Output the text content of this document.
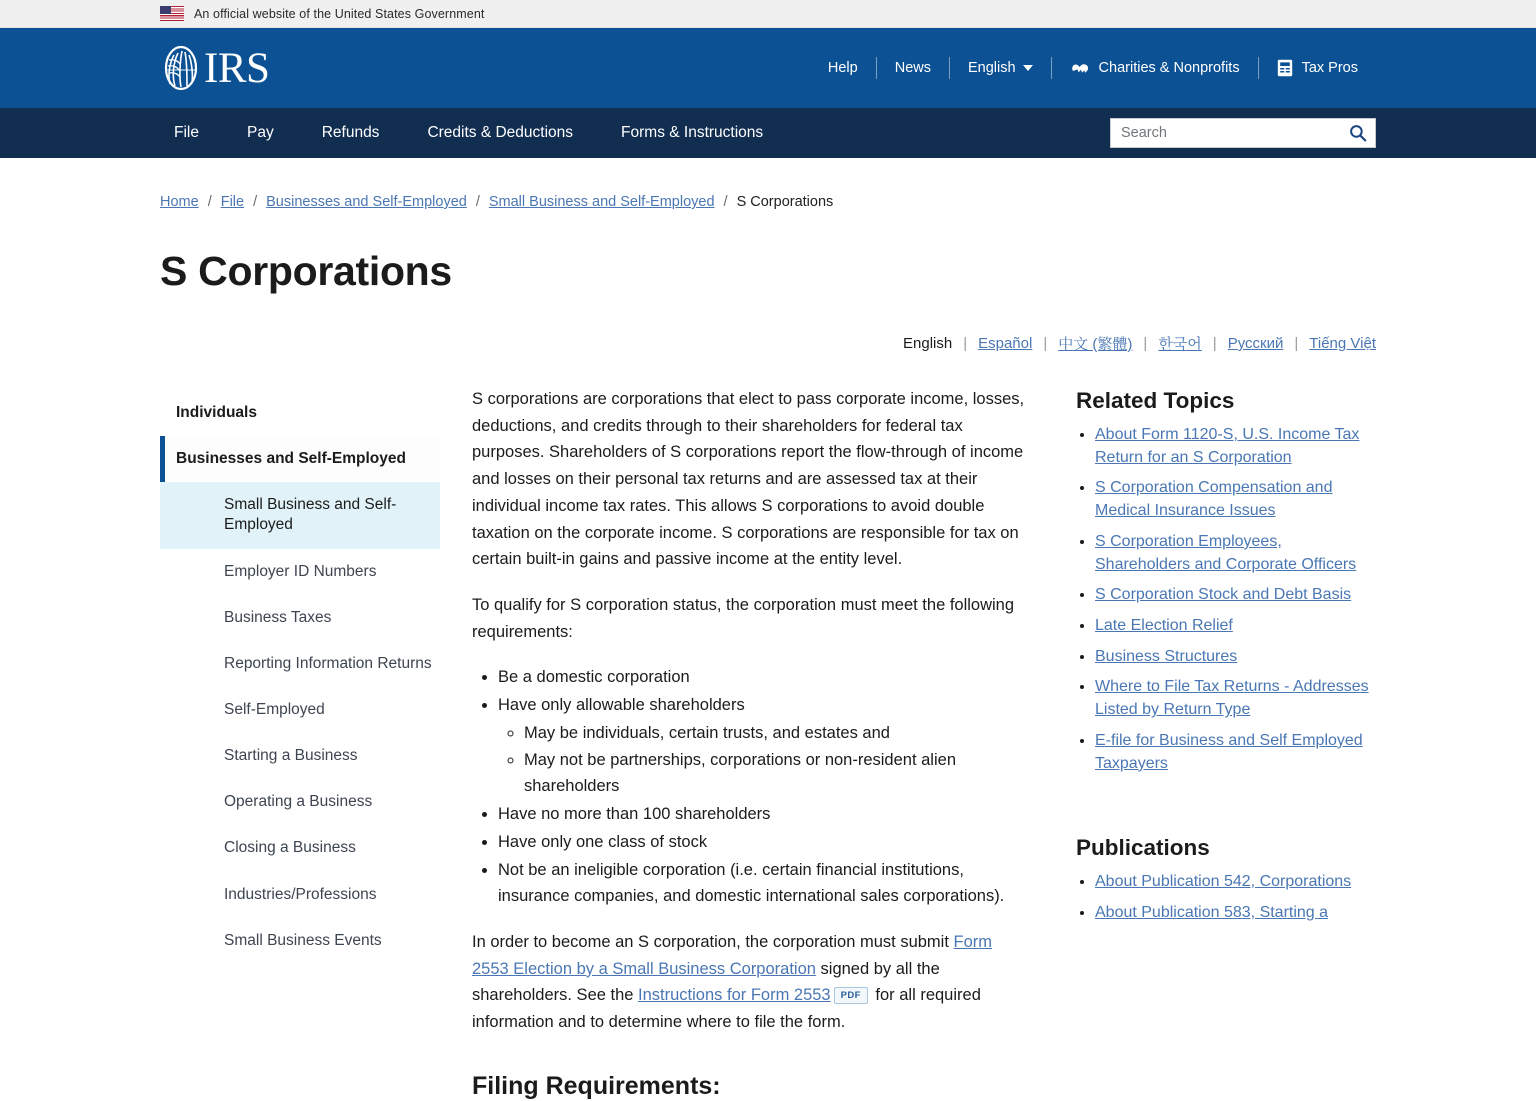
An official website of the United States Government
IRS	Help	News	English	Charities & Nonprofits	Tax Pros
File	Pay	Refunds	Credits & Deductions	Forms & Instructions
Search
Home / File / Businesses and Self-Employed / Small Business and Self-Employed / S Corporations
S Corporations
English | Español | 中文 (繁體) | 한국어 | Русский | Tiếng Việt
Individuals
Businesses and Self-Employed
Small Business and Self-Employed
Employer ID Numbers
Business Taxes
Reporting Information Returns
Self-Employed
Starting a Business
Operating a Business
Closing a Business
Industries/Professions
Small Business Events

S corporations are corporations that elect to pass corporate income, losses, deductions, and credits through to their shareholders for federal tax purposes. Shareholders of S corporations report the flow-through of income and losses on their personal tax returns and are assessed tax at their individual income tax rates. This allows S corporations to avoid double taxation on the corporate income. S corporations are responsible for tax on certain built-in gains and passive income at the entity level.

To qualify for S corporation status, the corporation must meet the following requirements:

• Be a domestic corporation
• Have only allowable shareholders
◦ May be individuals, certain trusts, and estates and
◦ May not be partnerships, corporations or non-resident alien shareholders
• Have no more than 100 shareholders
• Have only one class of stock
• Not be an ineligible corporation (i.e. certain financial institutions, insurance companies, and domestic international sales corporations).

In order to become an S corporation, the corporation must submit Form 2553 Election by a Small Business Corporation signed by all the shareholders. See the Instructions for Form 2553 PDF for all required information and to determine where to file the form.

Filing Requirements:
Related Topics
• About Form 1120-S, U.S. Income Tax Return for an S Corporation
• S Corporation Compensation and Medical Insurance Issues
• S Corporation Employees, Shareholders and Corporate Officers
• S Corporation Stock and Debt Basis
• Late Election Relief
• Business Structures
• Where to File Tax Returns - Addresses Listed by Return Type
• E-file for Business and Self Employed Taxpayers
Publications
• About Publication 542, Corporations
• About Publication 583, Starting a
